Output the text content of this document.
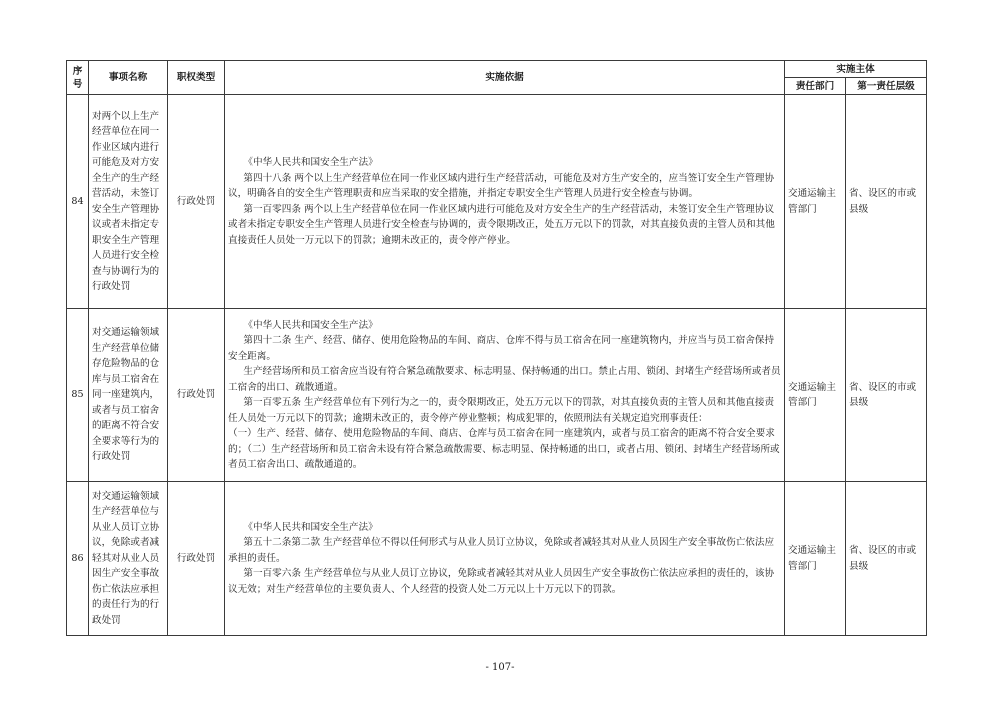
序
号	事项名称	职权类型	实施依据	实施主体	
				责任部门	第一责任层级
84	对两个以上生产经营单位在同一作业区域内进行可能危及对方安全生产的生产经营活动，未签订安全生产管理协议或者未指定专职安全生产管理人员进行安全检查与协调行为的行政处罚	行政处罚	《中华人民共和国安全生产法》

第四十八条 两个以上生产经营单位在同一作业区域内进行生产经营活动，可能危及对方生产安全的，应当签订安全生产管理协议，明确各自的安全生产管理职责和应当采取的安全措施，并指定专职安全生产管理人员进行安全检查与协调。

第一百零四条 两个以上生产经营单位在同一作业区域内进行可能危及对方安全生产的生产经营活动，未签订安全生产管理协议或者未指定专职安全生产管理人员进行安全检查与协调的，责令限期改正，处五万元以下的罚款，对其直接负责的主管人员和其他直接责任人员处一万元以下的罚款；逾期未改正的，责令停产停业。	交通运输主管部门	省、设区的市或县级
85	对交通运输领域生产经营单位储存危险物品的仓库与员工宿舍在同一座建筑内，或者与员工宿舍的距离不符合安全要求等行为的行政处罚	行政处罚	《中华人民共和国安全生产法》

第四十二条 生产、经营、储存、使用危险物品的车间、商店、仓库不得与员工宿舍在同一座建筑物内，并应当与员工宿舍保持安全距离。

生产经营场所和员工宿舍应当设有符合紧急疏散要求、标志明显、保持畅通的出口。禁止占用、锁闭、封堵生产经营场所或者员工宿舍的出口、疏散通道。

第一百零五条 生产经营单位有下列行为之一的，责令限期改正，处五万元以下的罚款，对其直接负责的主管人员和其他直接责任人员处一万元以下的罚款；逾期未改正的，责令停产停业整顿；构成犯罪的，依照刑法有关规定追究刑事责任：

（一）生产、经营、储存、使用危险物品的车间、商店、仓库与员工宿舍在同一座建筑内，或者与员工宿舍的距离不符合安全要求的；（二）生产经营场所和员工宿舍未设有符合紧急疏散需要、标志明显、保持畅通的出口，或者占用、锁闭、封堵生产经营场所或者员工宿舍出口、疏散通道的。	交通运输主管部门	省、设区的市或县级
86	对交通运输领域生产经营单位与从业人员订立协议，免除或者减轻其对从业人员因生产安全事故伤亡依法应承担的责任行为的行政处罚	行政处罚	《中华人民共和国安全生产法》

第五十二条第二款 生产经营单位不得以任何形式与从业人员订立协议，免除或者减轻其对从业人员因生产安全事故伤亡依法应承担的责任。

第一百零六条 生产经营单位与从业人员订立协议，免除或者减轻其对从业人员因生产安全事故伤亡依法应承担的责任的，该协议无效；对生产经营单位的主要负责人、个人经营的投资人处二万元以上十万元以下的罚款。	交通运输主管部门	省、设区的市或县级
- 107-
